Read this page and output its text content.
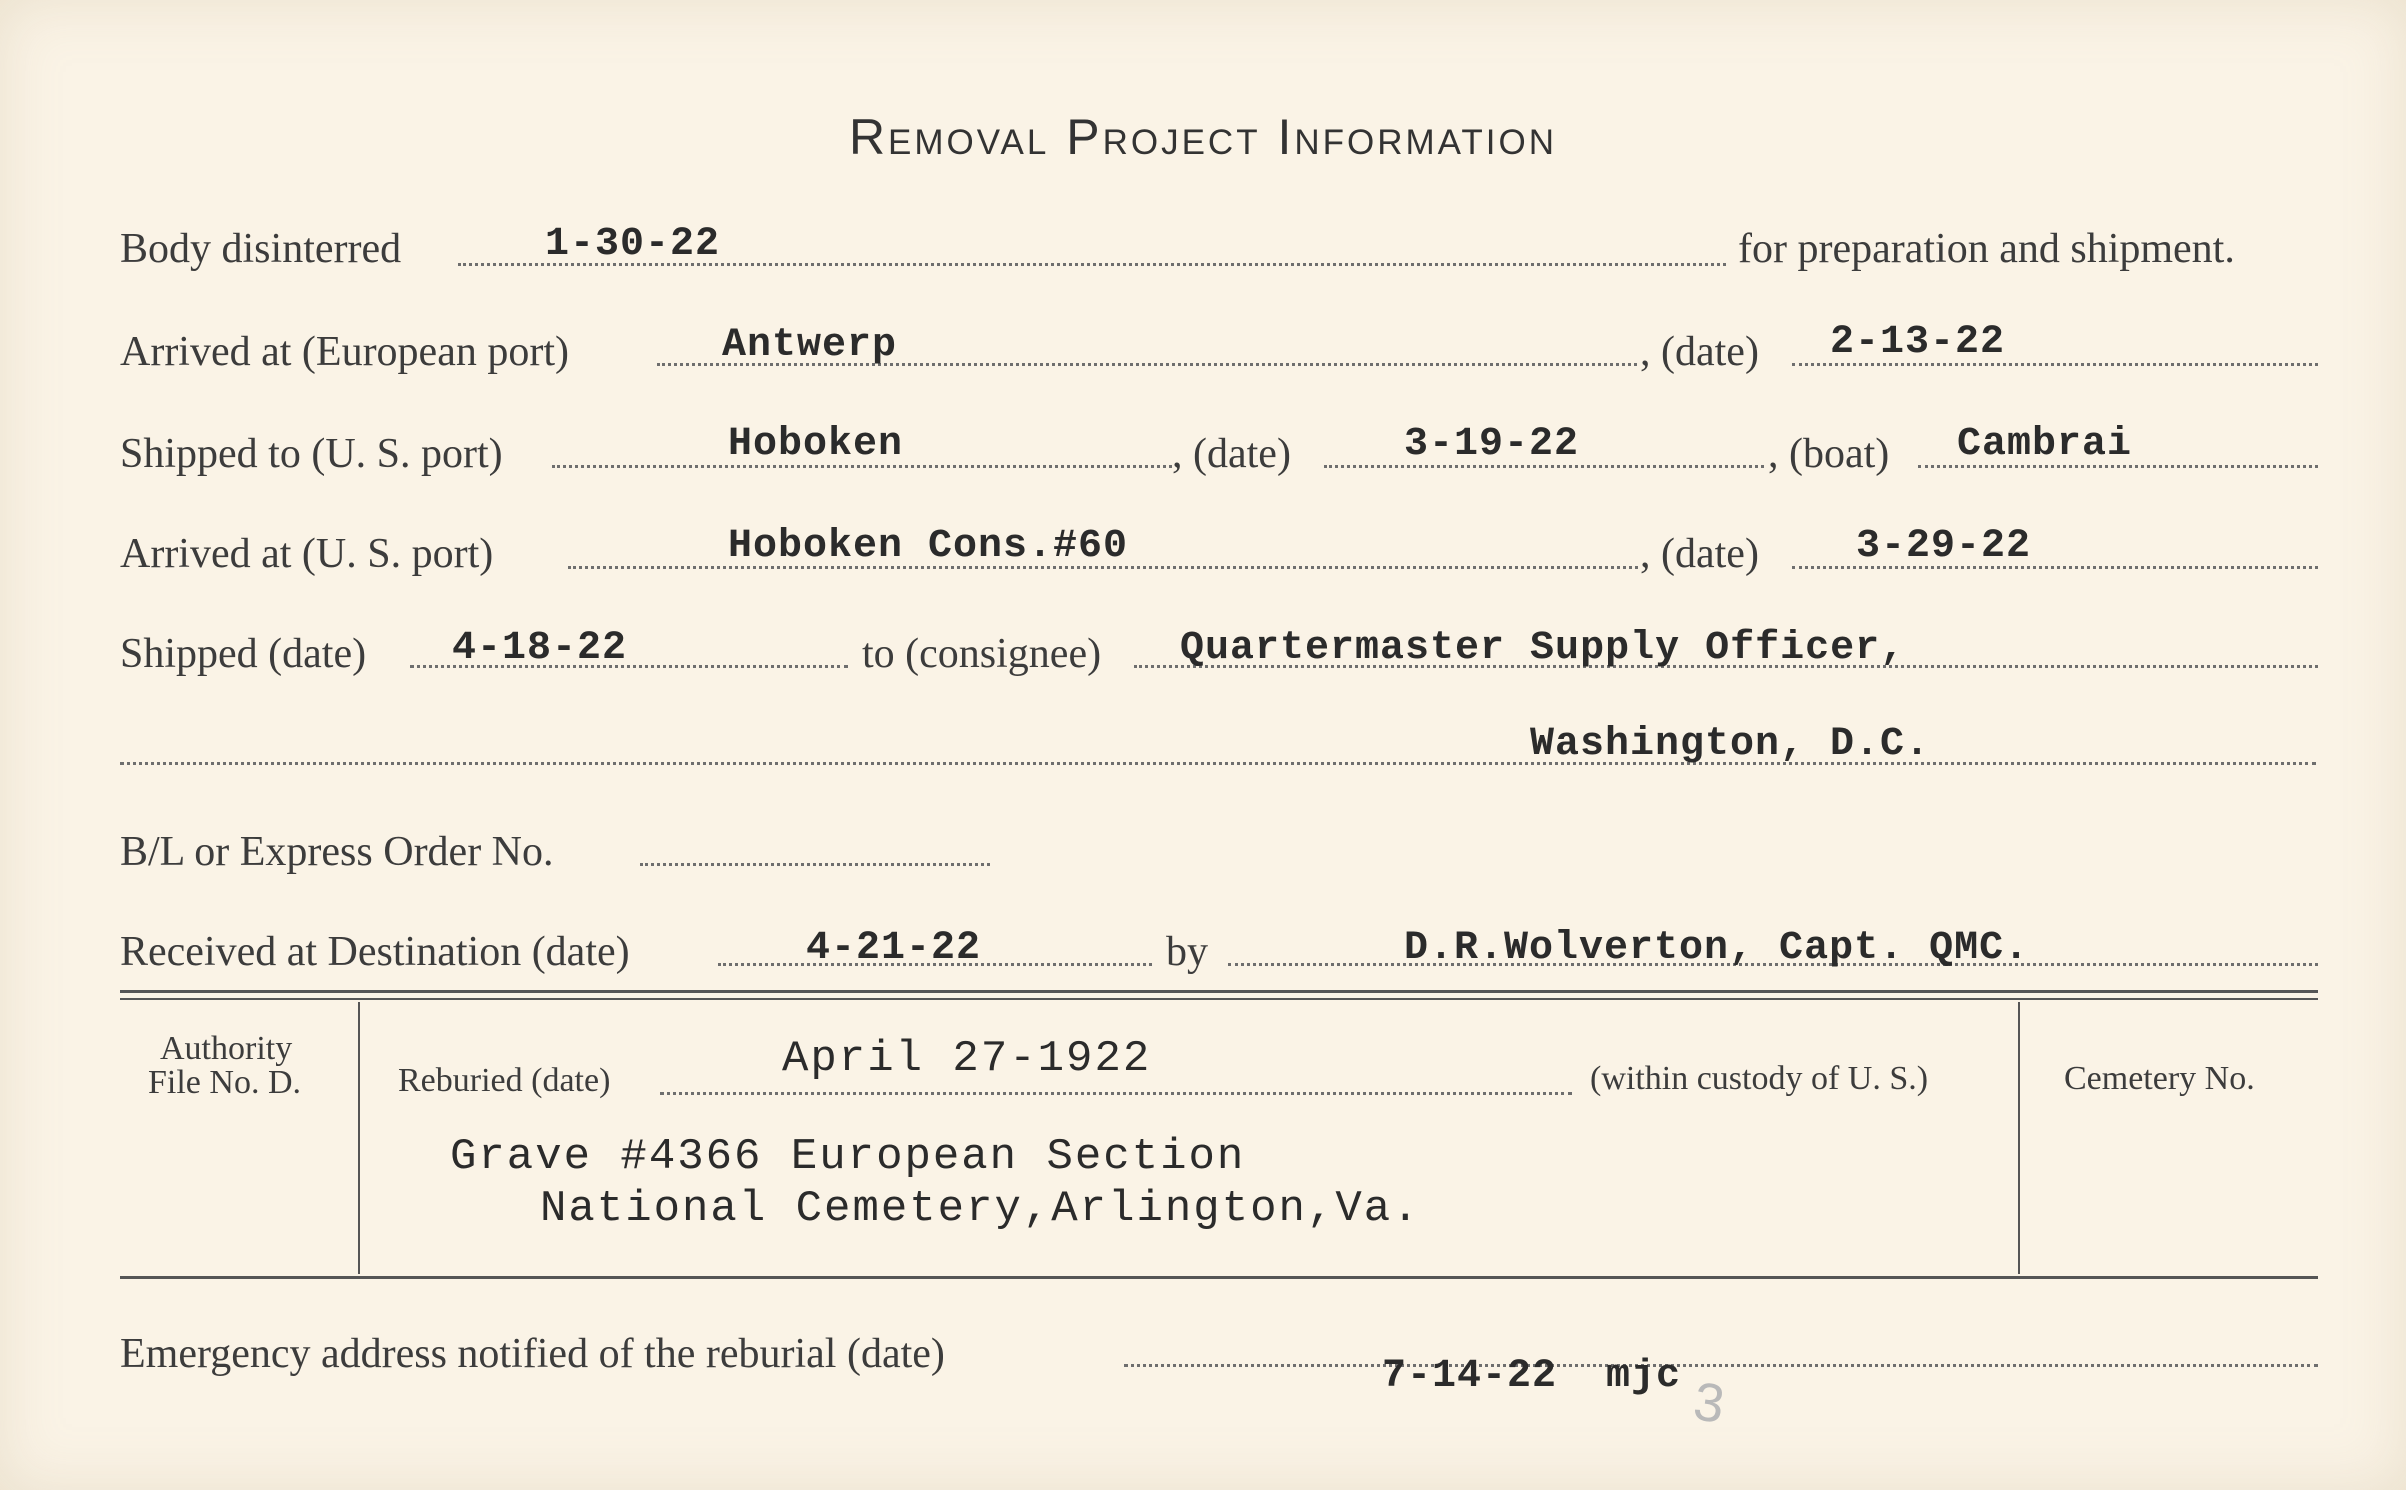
Removal Project Information
Body disinterred	1-30-22	for preparation and shipment.
Arrived at (European port)	Antwerp	, (date) 2-13-22
Shipped to (U. S. port)	Hoboken	, (date)	3-19-22	, (boat) Cambrai
Arrived at (U. S. port)	Hoboken Cons.#60	, (date) 3-29-22
Shipped (date) 4-18-22	to (consignee) Quartermaster Supply Officer,
Washington, D.C.
B/L or Express Order No.
Received at Destination (date)	4-21-22	by	D.R.Wolverton, Capt. QMC.
Authority
File No. D.	Reburied (date)	April 27-1922	(within custody of U. S.)	Cemetery No.
Grave #4366 European Section
National Cemetery,Arlington,Va.
Emergency address notified of the reburial (date)	7-14-22 mjc 3
